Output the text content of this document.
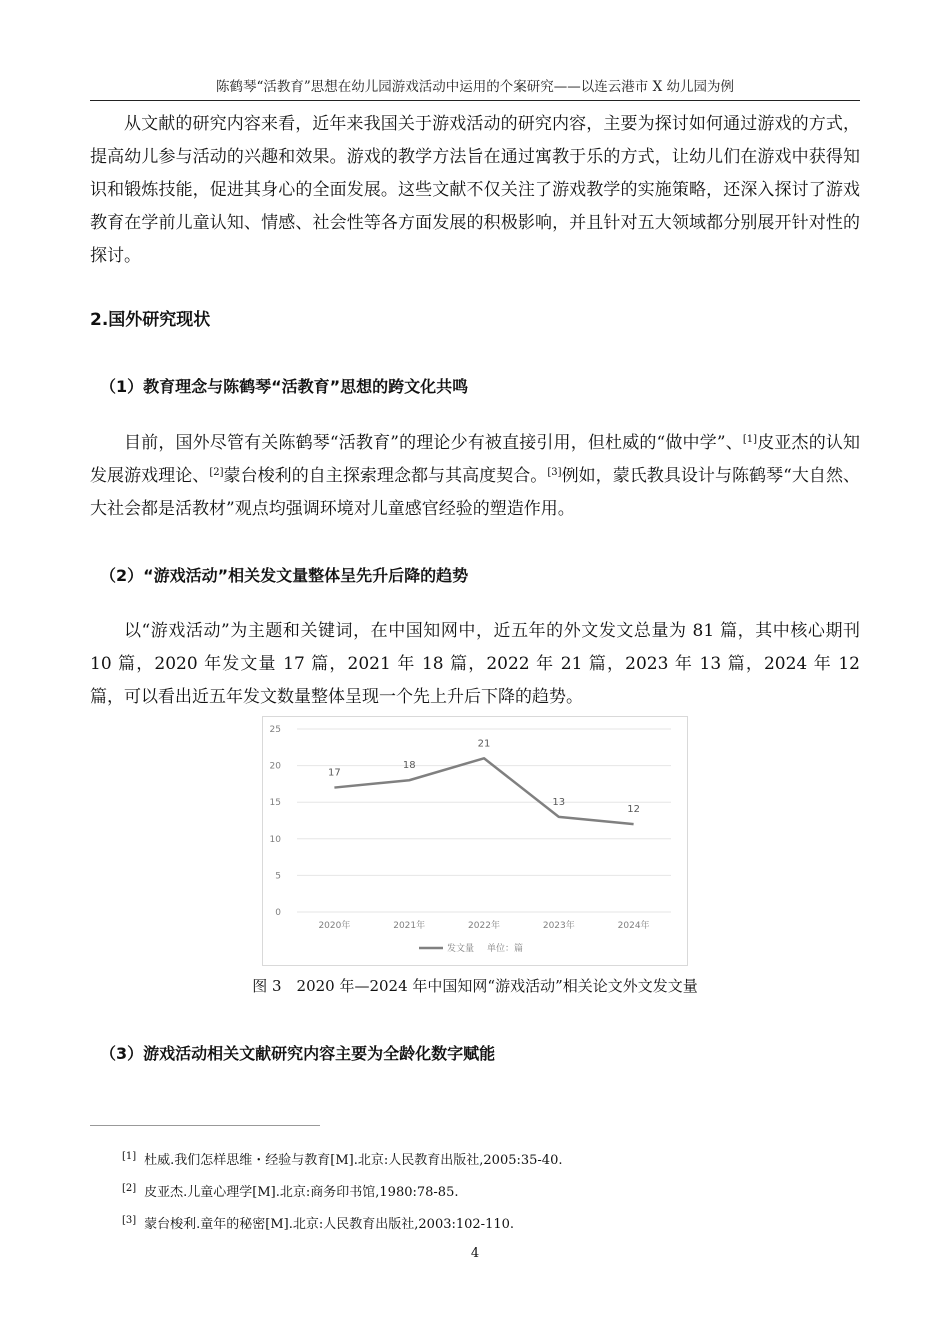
陈鹤琴“活教育”思想在幼儿园游戏活动中运用的个案研究——以连云港市 X 幼儿园为例

从文献的研究内容来看，近年来我国关于游戏活动的研究内容，主要为探讨如何通过游戏的方式，提高幼儿参与活动的兴趣和效果。游戏的教学方法旨在通过寓教于乐的方式，让幼儿们在游戏中获得知识和锻炼技能，促进其身心的全面发展。这些文献不仅关注了游戏教学的实施策略，还深入探讨了游戏教育在学前儿童认知、情感、社会性等各方面发展的积极影响，并且针对五大领域都分别展开针对性的探讨。

2.国外研究现状

（1）教育理念与陈鹤琴“活教育”思想的跨文化共鸣

目前，国外尽管有关陈鹤琴“活教育”的理论少有被直接引用，但杜威的“做中学”、[1]皮亚杰的认知发展游戏理论、[2]蒙台梭利的自主探索理念都与其高度契合。[3]例如，蒙氏教具设计与陈鹤琴“大自然、大社会都是活教材”观点均强调环境对儿童感官经验的塑造作用。

（2）“游戏活动”相关发文量整体呈先升后降的趋势

以“游戏活动”为主题和关键词，在中国知网中，近五年的外文发文总量为 81 篇，其中核心期刊 10 篇，2020 年发文量 17 篇，2021 年 18 篇，2022 年 21 篇，2023 年 13 篇，2024 年 12 篇，可以看出近五年发文数量整体呈现一个先上升后下降的趋势。

0
5
10
15
20
25
2020年	2021年	2022年	2023年	2024年
17
18
21
13
12
发文量 单位：篇
图 3　2020 年—2024 年中国知网“游戏活动”相关论文外文发文量

（3）游戏活动相关文献研究内容主要为全龄化数字赋能

[1] 杜威.我们怎样思维・经验与教育[M].北京:人民教育出版社,2005:35-40.

[2] 皮亚杰.儿童心理学[M].北京:商务印书馆,1980:78-85.

[3] 蒙台梭利.童年的秘密[M].北京:人民教育出版社,2003:102-110.

4
